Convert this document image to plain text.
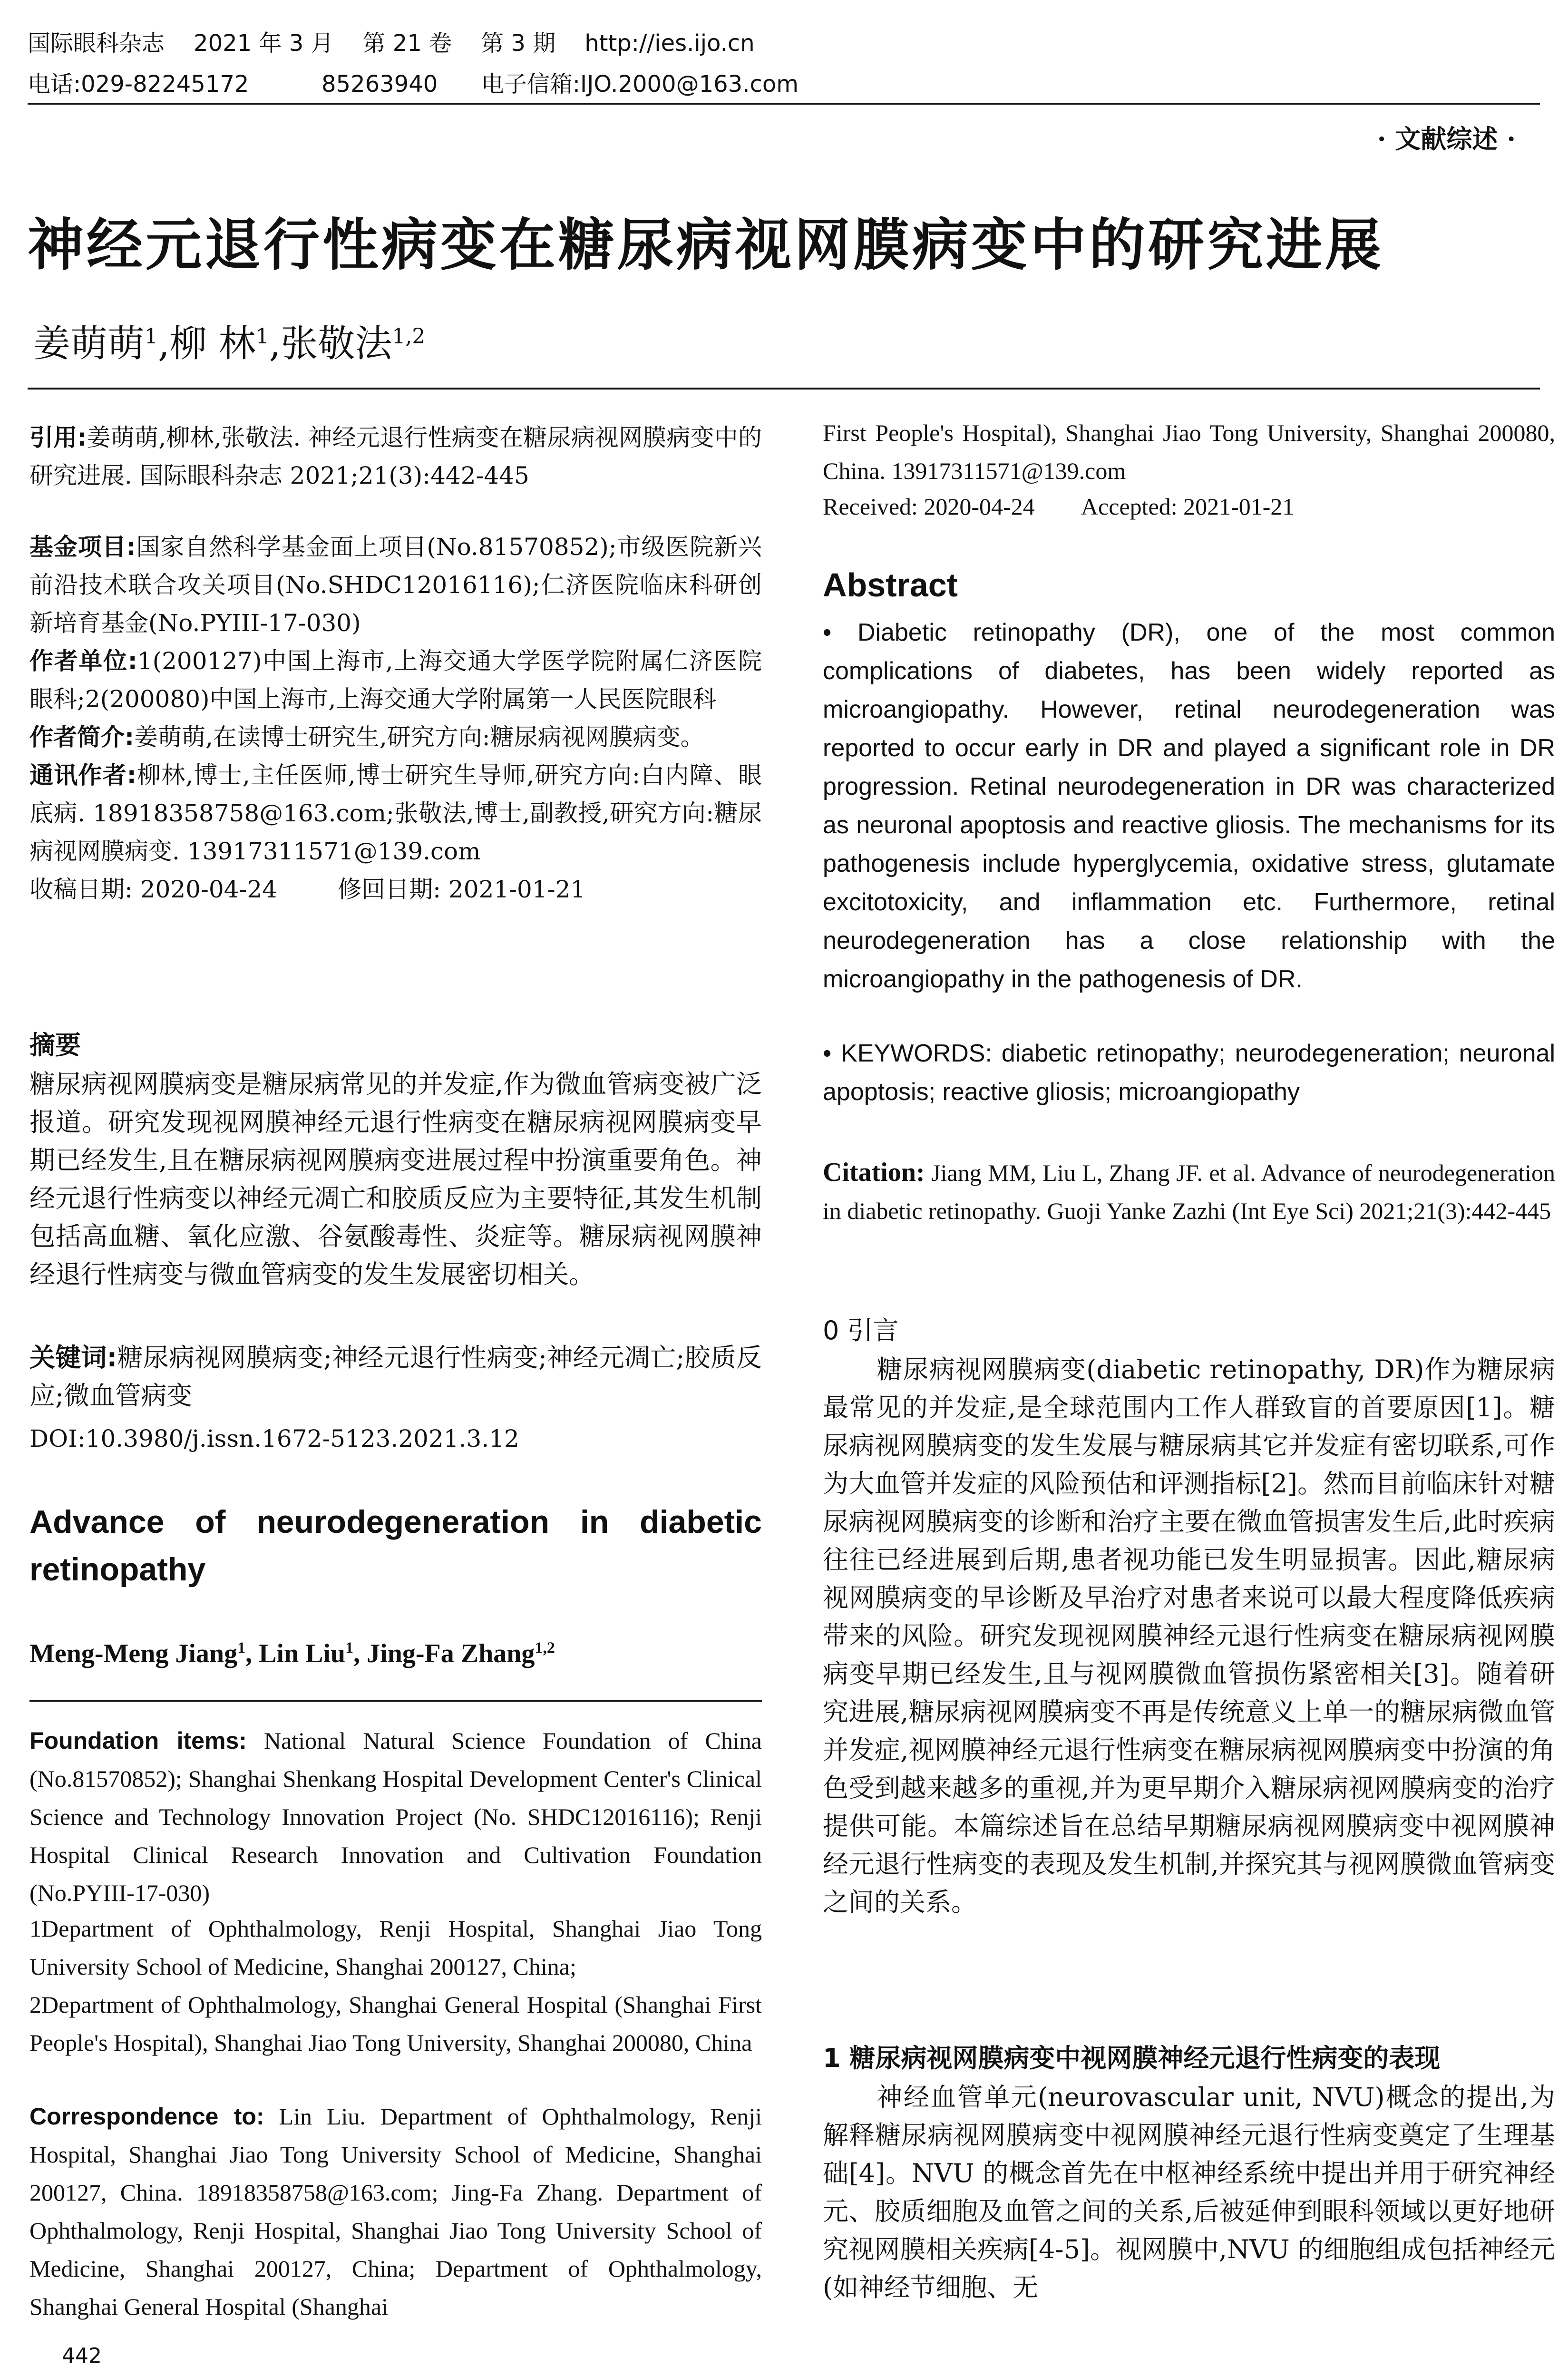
国际眼科杂志    2021 年 3 月    第 21 卷    第 3 期    http://ies.ijo.cn
电话:029-82245172          85263940      电子信箱:IJO.2000@163.com
· 文献综述 ·
神经元退行性病变在糖尿病视网膜病变中的研究进展
姜萌萌$^1$,柳 林$^1$,张敬法$^{1,2}$
引用:姜萌萌,柳林,张敬法. 神经元退行性病变在糖尿病视网膜病变中的研究进展. 国际眼科杂志 2021;21(3):442-445
基金项目:国家自然科学基金面上项目(No.81570852);市级医院新兴前沿技术联合攻关项目(No.SHDC12016116);仁济医院临床科研创新培育基金(No.PYIII-17-030)
作者单位:1(200127)中国上海市,上海交通大学医学院附属仁济医院眼科;2(200080)中国上海市,上海交通大学附属第一人民医院眼科
作者简介:姜萌萌,在读博士研究生,研究方向:糖尿病视网膜病变。
通讯作者:柳林,博士,主任医师,博士研究生导师,研究方向:白内障、眼底病. 18918358758@163.com;张敬法,博士,副教授,研究方向:糖尿病视网膜病变. 13917311571@139.com
收稿日期: 2020-04-24        修回日期: 2021-01-21
摘要
糖尿病视网膜病变是糖尿病常见的并发症,作为微血管病变被广泛报道。研究发现视网膜神经元退行性病变在糖尿病视网膜病变早期已经发生,且在糖尿病视网膜病变进展过程中扮演重要角色。神经元退行性病变以神经元凋亡和胶质反应为主要特征,其发生机制包括高血糖、氧化应激、谷氨酸毒性、炎症等。糖尿病视网膜神经退行性病变与微血管病变的发生发展密切相关。
关键词:糖尿病视网膜病变;神经元退行性病变;神经元凋亡;胶质反应;微血管病变
DOI:10.3980/j.issn.1672-5123.2021.3.12
Advance of neurodegeneration in diabetic retinopathy
Meng-Meng Jiang$^1$, Lin Liu$^1$, Jing-Fa Zhang$^{1,2}$
Foundation items: National Natural Science Foundation of China (No.81570852); Shanghai Shenkang Hospital Development Center's Clinical Science and Technology Innovation Project (No. SHDC12016116); Renji Hospital Clinical Research Innovation and Cultivation Foundation (No.PYIII-17-030)
1Department of Ophthalmology, Renji Hospital, Shanghai Jiao Tong University School of Medicine, Shanghai 200127, China;
2Department of Ophthalmology, Shanghai General Hospital (Shanghai First People's Hospital), Shanghai Jiao Tong University, Shanghai 200080, China
Correspondence to: Lin Liu. Department of Ophthalmology, Renji Hospital, Shanghai Jiao Tong University School of Medicine, Shanghai 200127, China. 18918358758@163.com; Jing-Fa Zhang. Department of Ophthalmology, Renji Hospital, Shanghai Jiao Tong University School of Medicine, Shanghai 200127, China; Department of Ophthalmology, Shanghai General Hospital (Shanghai
442
First People's Hospital), Shanghai Jiao Tong University, Shanghai 200080, China. 13917311571@139.com
Received: 2020-04-24        Accepted: 2021-01-21
Abstract
• Diabetic retinopathy (DR), one of the most common complications of diabetes, has been widely reported as microangiopathy. However, retinal neurodegeneration was reported to occur early in DR and played a significant role in DR progression. Retinal neurodegeneration in DR was characterized as neuronal apoptosis and reactive gliosis. The mechanisms for its pathogenesis include hyperglycemia, oxidative stress, glutamate excitotoxicity, and inflammation etc. Furthermore, retinal neurodegeneration has a close relationship with the microangiopathy in the pathogenesis of DR.
• KEYWORDS: diabetic retinopathy; neurodegeneration; neuronal apoptosis; reactive gliosis; microangiopathy
Citation: Jiang MM, Liu L, Zhang JF. et al. Advance of neurodegeneration in diabetic retinopathy. Guoji Yanke Zazhi (Int Eye Sci) 2021;21(3):442-445
0 引言
糖尿病视网膜病变(diabetic retinopathy, DR)作为糖尿病最常见的并发症,是全球范围内工作人群致盲的首要原因[1]。糖尿病视网膜病变的发生发展与糖尿病其它并发症有密切联系,可作为大血管并发症的风险预估和评测指标[2]。然而目前临床针对糖尿病视网膜病变的诊断和治疗主要在微血管损害发生后,此时疾病往往已经进展到后期,患者视功能已发生明显损害。因此,糖尿病视网膜病变的早诊断及早治疗对患者来说可以最大程度降低疾病带来的风险。研究发现视网膜神经元退行性病变在糖尿病视网膜病变早期已经发生,且与视网膜微血管损伤紧密相关[3]。随着研究进展,糖尿病视网膜病变不再是传统意义上单一的糖尿病微血管并发症,视网膜神经元退行性病变在糖尿病视网膜病变中扮演的角色受到越来越多的重视,并为更早期介入糖尿病视网膜病变的治疗提供可能。本篇综述旨在总结早期糖尿病视网膜病变中视网膜神经元退行性病变的表现及发生机制,并探究其与视网膜微血管病变之间的关系。
1 糖尿病视网膜病变中视网膜神经元退行性病变的表现
神经血管单元(neurovascular unit, NVU)概念的提出,为解释糖尿病视网膜病变中视网膜神经元退行性病变奠定了生理基础[4]。NVU 的概念首先在中枢神经系统中提出并用于研究神经元、胶质细胞及血管之间的关系,后被延伸到眼科领域以更好地研究视网膜相关疾病[4-5]。视网膜中,NVU 的细胞组成包括神经元(如神经节细胞、无
